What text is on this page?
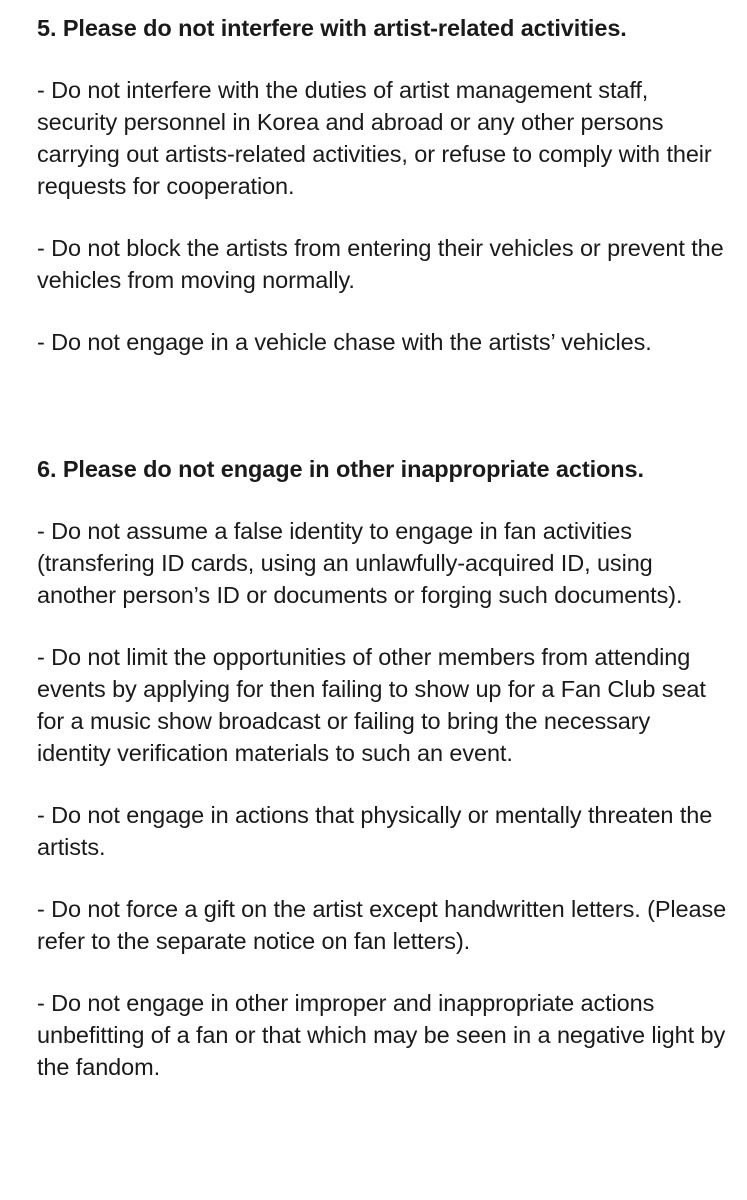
5. Please do not interfere with artist-related activities.

- Do not interfere with the duties of artist management staff, security personnel in Korea and abroad or any other persons carrying out artists-related activities, or refuse to comply with their requests for cooperation.

- Do not block the artists from entering their vehicles or prevent the vehicles from moving normally.

- Do not engage in a vehicle chase with the artists’ vehicles.

6. Please do not engage in other inappropriate actions.

- Do not assume a false identity to engage in fan activities (transfering ID cards, using an unlawfully-acquired ID, using another person’s ID or documents or forging such documents).

- Do not limit the opportunities of other members from attending events by applying for then failing to show up for a Fan Club seat for a music show broadcast or failing to bring the necessary identity verification materials to such an event.

- Do not engage in actions that physically or mentally threaten the artists.

- Do not force a gift on the artist except handwritten letters. (Please refer to the separate notice on fan letters).

- Do not engage in other improper and inappropriate actions unbefitting of a fan or that which may be seen in a negative light by the fandom.
